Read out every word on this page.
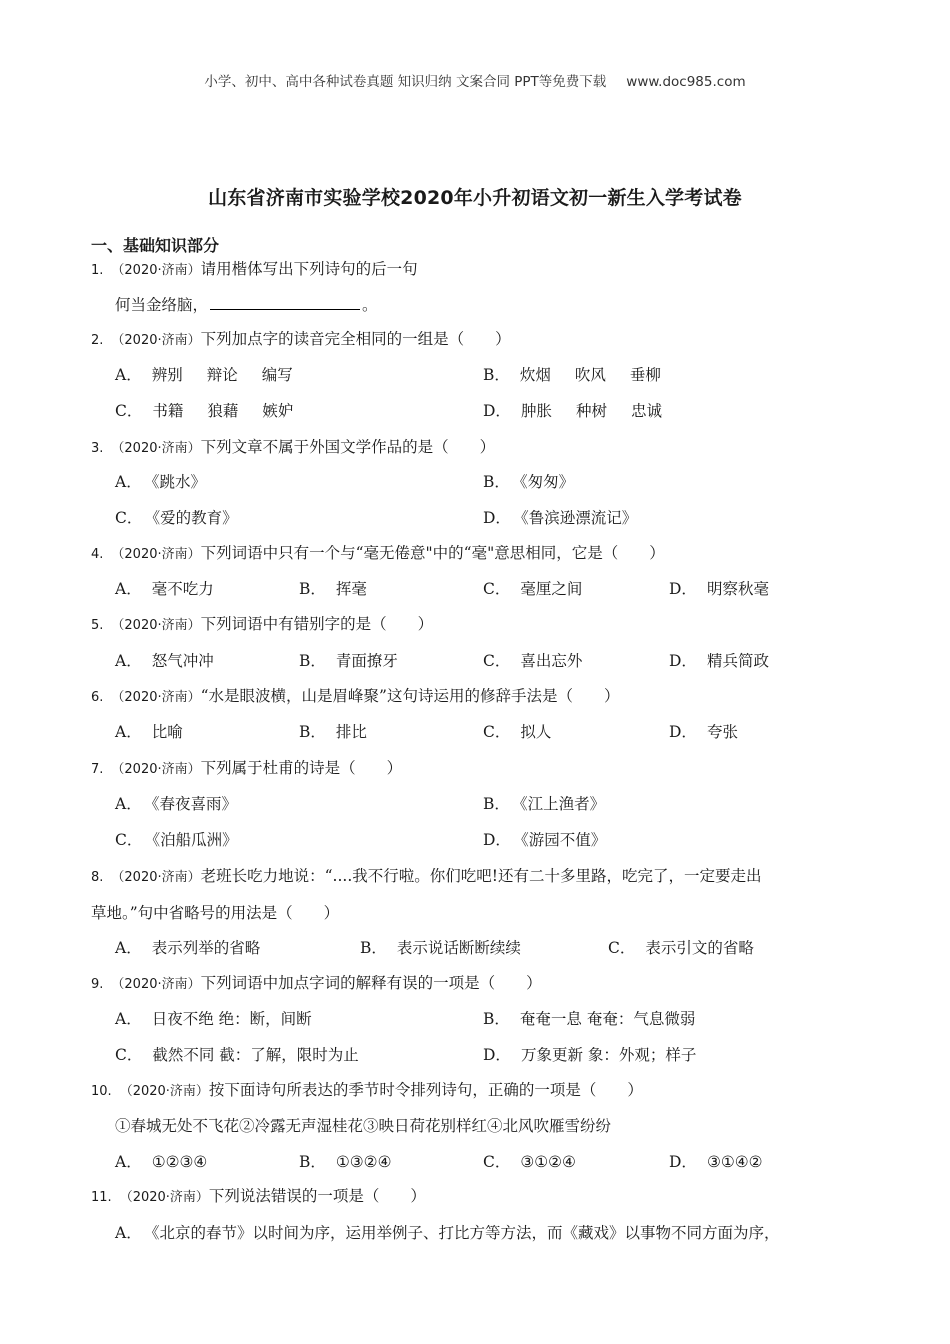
小学、初中、高中各种试卷真题 知识归纳 文案合同 PPT等免费下载 www.doc985.com
山东省济南市实验学校2020年小升初语文初一新生入学考试卷
一、基础知识部分
1. （2020·济南）请用楷体写出下列诗句的后一句
何当金络脑，	。
2. （2020·济南）下列加点字的读音完全相同的一组是（　　）
A． 辨别 辩论 编写	B． 炊烟 吹风 垂柳
C． 书籍 狼藉 嫉妒	D． 肿胀 种树 忠诚
3. （2020·济南）下列文章不属于外国文学作品的是（　　）
A． 《跳水》	B． 《匆匆》
C． 《爱的教育》	D． 《鲁滨逊漂流记》
4. （2020·济南）下列词语中只有一个与“毫无倦意"中的“毫"意思相同，它是（　　）
A． 毫不吃力	B． 挥毫	C． 毫厘之间	D． 明察秋毫
5. （2020·济南）下列词语中有错别字的是（　　）
A． 怒气冲冲	B． 青面撩牙	C． 喜出忘外	D． 精兵简政
6. （2020·济南）“水是眼波横，山是眉峰聚”这句诗运用的修辞手法是（　　）
A． 比喻	B． 排比	C． 拟人	D． 夸张
7. （2020·济南）下列属于杜甫的诗是（　　）
A． 《春夜喜雨》	B． 《江上渔者》
C． 《泊船瓜洲》	D． 《游园不值》
8. （2020·济南）老班长吃力地说：“....我不行啦。你们吃吧!还有二十多里路，吃完了，一定要走出
草地。”句中省略号的用法是（　　）
A． 表示列举的省略	B． 表示说话断断续续	C． 表示引文的省略
9. （2020·济南）下列词语中加点字词的解释有误的一项是（　　）
A． 日夜不绝 绝：断，间断	B． 奄奄一息 奄奄：气息微弱
C． 截然不同 截：了解，限时为止	D． 万象更新 象：外观；样子
10. （2020·济南）按下面诗句所表达的季节时令排列诗句，正确的一项是（　　）
①春城无处不飞花②冷露无声湿桂花③映日荷花别样红④北风吹雁雪纷纷
A． ①②③④	B． ①③②④	C． ③①②④	D． ③①④②
11. （2020·济南）下列说法错误的一项是（　　）
A． 《北京的春节》以时间为序，运用举例子、打比方等方法，而《藏戏》以事物不同方面为序，
